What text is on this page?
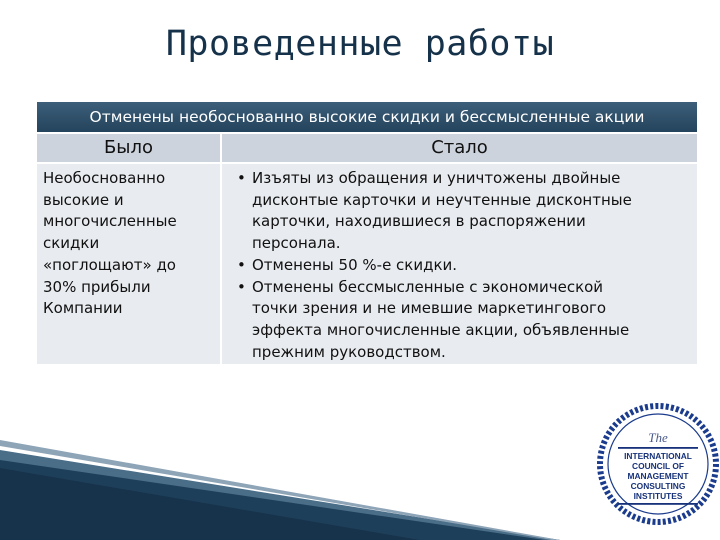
Проведенные работы
Отменены необоснованно высокие скидки и бессмысленные акции
Было	Стало
Необоснованно
высокие и
многочисленные
скидки
«поглощают» до
30% прибыли
Компании
• Изъяты из обращения и уничтожены двойные
дисконтые карточки и неучтенные дисконтные
карточки, находившиеся в распоряжении
персонала.
• Отменены 50 %-е скидки.
• Отменены бессмысленные с экономической
точки зрения и не имевшие маркетингового
эффекта многочисленные акции, объявленные
прежним руководством.
The
INTERNATIONAL
COUNCIL OF
MANAGEMENT
CONSULTING
INSTITUTES
